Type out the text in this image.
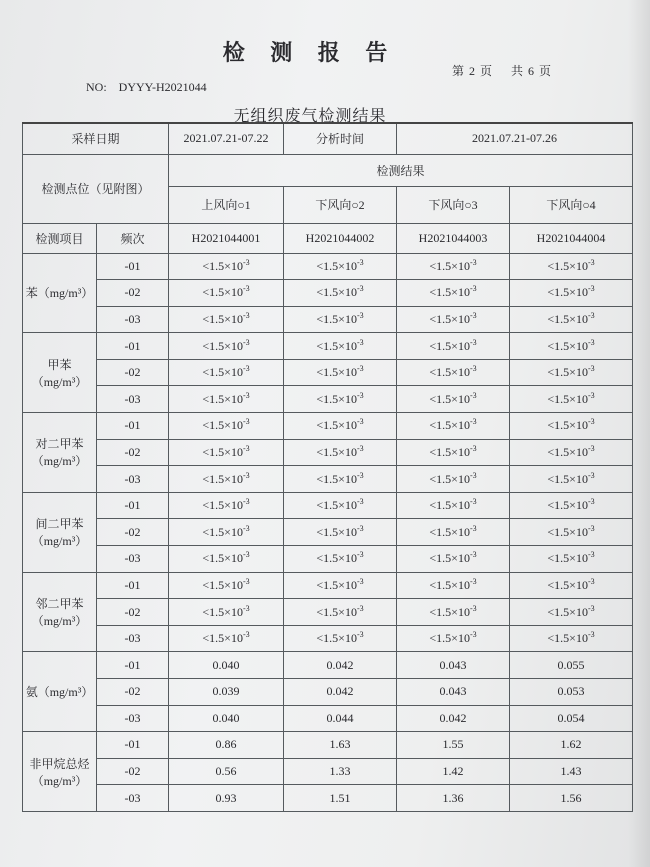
检 测 报 告
第 2 页 共 6 页
NO: DYYY-H2021044
无组织废气检测结果
采样日期		2021.07.21-07.22	分析时间	2021.07.21-07.26	
检测点位（见附图）		检测结果			
		上风向○1	下风向○2	下风向○3	下风向○4
检测项目	频次	H2021044001	H2021044002	H2021044003	H2021044004

苯（mg/m³）	-01	$<1.5\times 10^{-3}$	$<1.5\times 10^{-3}$	$<1.5\times 10^{-3}$	$<1.5\times 10^{-3}$
	-02	$<1.5\times 10^{-3}$	$<1.5\times 10^{-3}$	$<1.5\times 10^{-3}$	$<1.5\times 10^{-3}$
	-03	$<1.5\times 10^{-3}$	$<1.5\times 10^{-3}$	$<1.5\times 10^{-3}$	$<1.5\times 10^{-3}$

甲苯
（mg/m³）	-01	$<1.5\times 10^{-3}$	$<1.5\times 10^{-3}$	$<1.5\times 10^{-3}$	$<1.5\times 10^{-3}$
	-02	$<1.5\times 10^{-3}$	$<1.5\times 10^{-3}$	$<1.5\times 10^{-3}$	$<1.5\times 10^{-3}$
	-03	$<1.5\times 10^{-3}$	$<1.5\times 10^{-3}$	$<1.5\times 10^{-3}$	$<1.5\times 10^{-3}$

对二甲苯
（mg/m³）	-01	$<1.5\times 10^{-3}$	$<1.5\times 10^{-3}$	$<1.5\times 10^{-3}$	$<1.5\times 10^{-3}$
	-02	$<1.5\times 10^{-3}$	$<1.5\times 10^{-3}$	$<1.5\times 10^{-3}$	$<1.5\times 10^{-3}$
	-03	$<1.5\times 10^{-3}$	$<1.5\times 10^{-3}$	$<1.5\times 10^{-3}$	$<1.5\times 10^{-3}$

间二甲苯
（mg/m³）	-01	$<1.5\times 10^{-3}$	$<1.5\times 10^{-3}$	$<1.5\times 10^{-3}$	$<1.5\times 10^{-3}$
	-02	$<1.5\times 10^{-3}$	$<1.5\times 10^{-3}$	$<1.5\times 10^{-3}$	$<1.5\times 10^{-3}$
	-03	$<1.5\times 10^{-3}$	$<1.5\times 10^{-3}$	$<1.5\times 10^{-3}$	$<1.5\times 10^{-3}$

邻二甲苯
（mg/m³）	-01	$<1.5\times 10^{-3}$	$<1.5\times 10^{-3}$	$<1.5\times 10^{-3}$	$<1.5\times 10^{-3}$
	-02	$<1.5\times 10^{-3}$	$<1.5\times 10^{-3}$	$<1.5\times 10^{-3}$	$<1.5\times 10^{-3}$
	-03	$<1.5\times 10^{-3}$	$<1.5\times 10^{-3}$	$<1.5\times 10^{-3}$	$<1.5\times 10^{-3}$

氨（mg/m³）	-01	0.040	0.042	0.043	0.055
	-02	0.039	0.042	0.043	0.053
	-03	0.040	0.044	0.042	0.054

非甲烷总烃
（mg/m³）	-01	0.86	1.63	1.55	1.62
	-02	0.56	1.33	1.42	1.43
	-03	0.93	1.51	1.36	1.56
